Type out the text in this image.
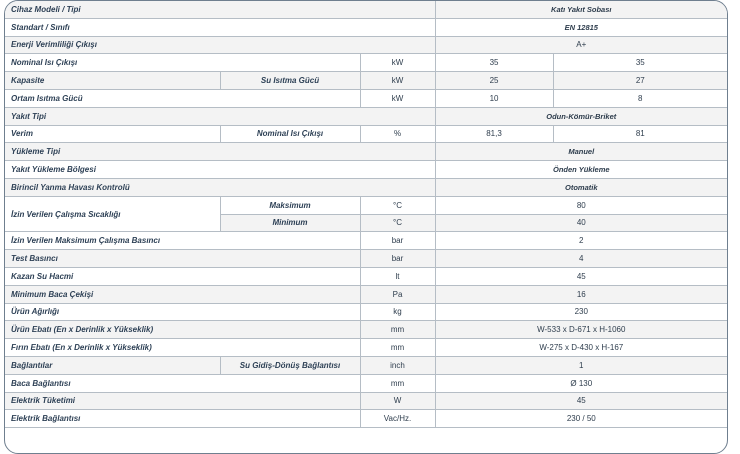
Cihaz Modeli / Tipi			Katı Yakıt Sobası	
Standart / Sınıfı			EN 12815	
Enerji Verimliliği Çıkışı			A+	
Nominal Isı Çıkışı		kW	35	35
Kapasite	Su Isıtma Gücü	kW	25	27
Ortam Isıtma Gücü		kW	10	8
Yakıt Tipi			Odun-Kömür-Briket	
Verim	Nominal Isı Çıkışı	%	81,3	81
Yükleme Tipi			Manuel	
Yakıt Yükleme Bölgesi			Önden Yükleme	
Birincil Yanma Havası Kontrolü			Otomatik	
İzin Verilen Çalışma Sıcaklığı	Maksimum	°C	80	
	Minimum	°C	40	
İzin Verilen Maksimum Çalışma Basıncı		bar	2	
Test Basıncı		bar	4	
Kazan Su Hacmi		lt	45	
Minimum Baca Çekişi		Pa	16	
Ürün Ağırlığı		kg	230	
Ürün Ebatı (En x Derinlik x Yükseklik)		mm	W-533 x D-671 x H-1060	
Fırın Ebatı (En x Derinlik x Yükseklik)		mm	W-275 x D-430 x H-167	
Bağlantılar	Su Gidiş-Dönüş Bağlantısı	inch	1	
Baca Bağlantısı		mm	Ø 130	
Elektrik Tüketimi		W	45	
Elektrik Bağlantısı		Vac/Hz.	230 / 50	
